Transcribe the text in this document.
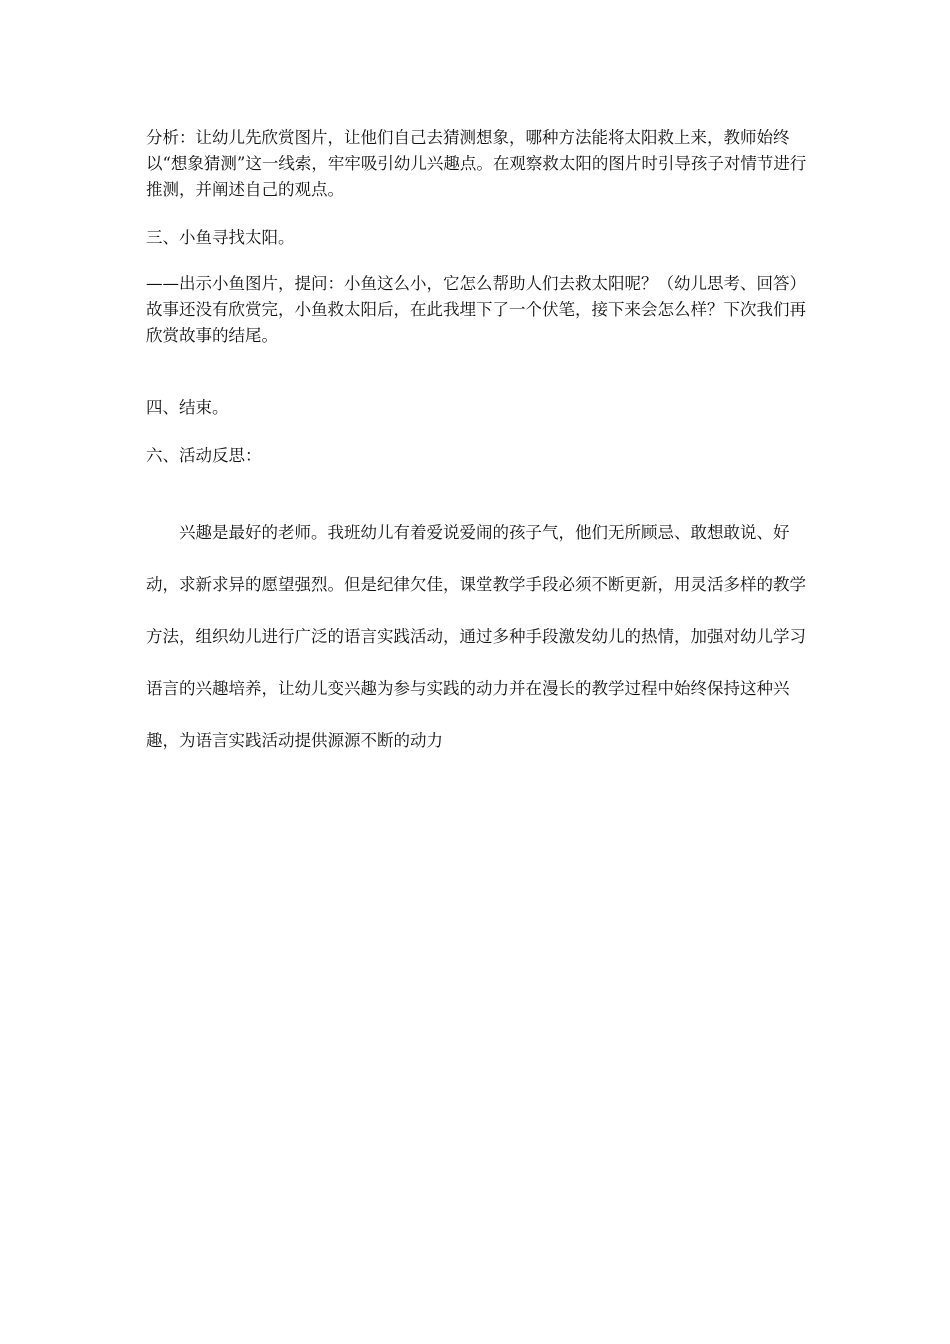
分析：让幼儿先欣赏图片，让他们自己去猜测想象，哪种方法能将太阳救上来，教师始终以“想象猜测”这一线索，牢牢吸引幼儿兴趣点。在观察救太阳的图片时引导孩子对情节进行推测，并阐述自己的观点。

三、小鱼寻找太阳。

——出示小鱼图片，提问：小鱼这么小，它怎么帮助人们去救太阳呢？（幼儿思考、回答）

故事还没有欣赏完，小鱼救太阳后，在此我埋下了一个伏笔，接下来会怎么样？下次我们再欣赏故事的结尾。

四、结束。

六、活动反思：

兴趣是最好的老师。我班幼儿有着爱说爱闹的孩子气，他们无所顾忌、敢想敢说、好动，求新求异的愿望强烈。但是纪律欠佳，课堂教学手段必须不断更新，用灵活多样的教学方法，组织幼儿进行广泛的语言实践活动，通过多种手段激发幼儿的热情，加强对幼儿学习语言的兴趣培养，让幼儿变兴趣为参与实践的动力并在漫长的教学过程中始终保持这种兴趣，为语言实践活动提供源源不断的动力
